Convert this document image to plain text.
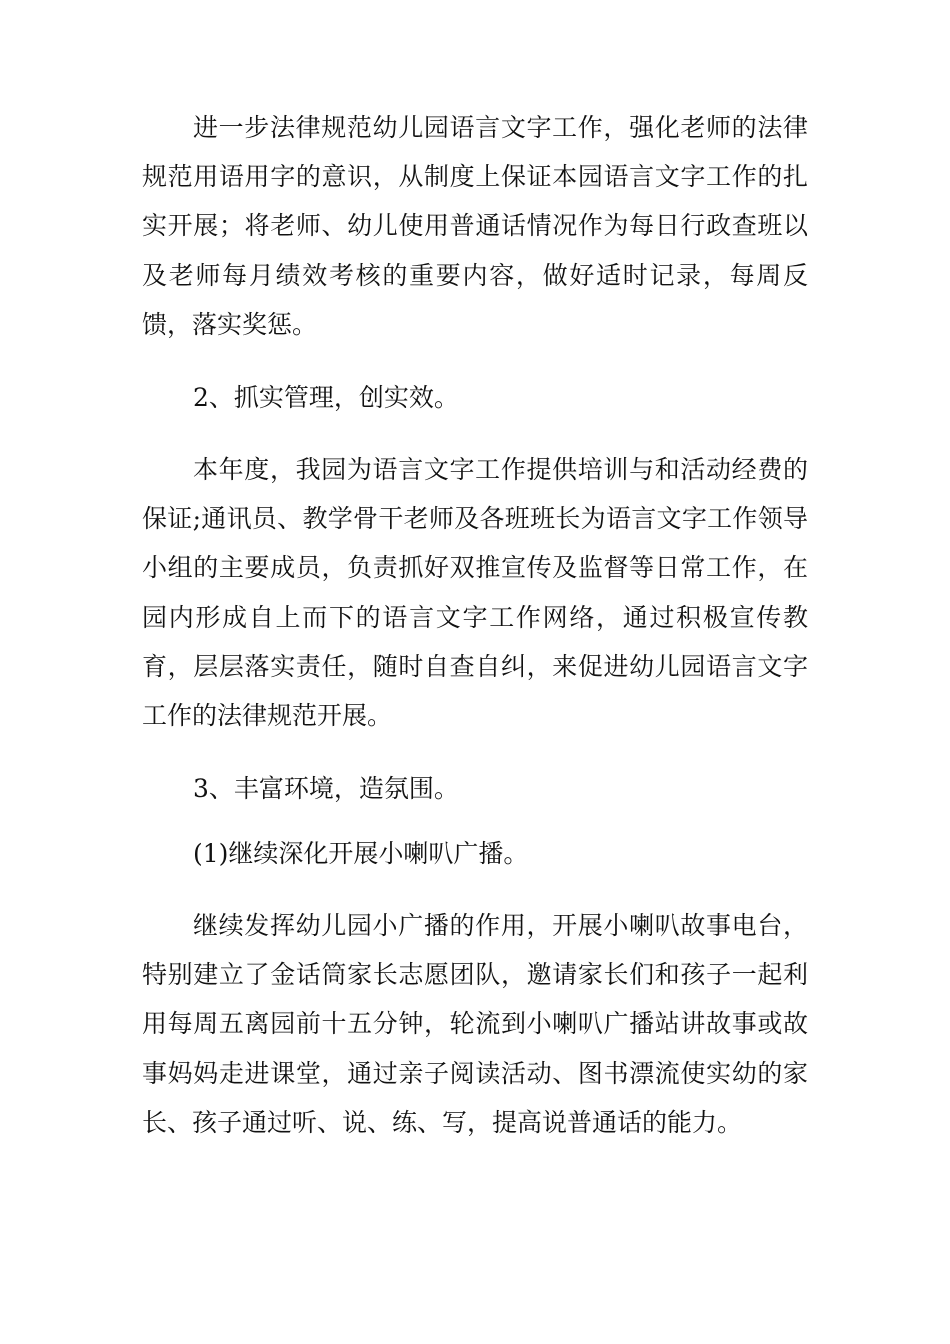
进一步法律规范幼儿园语言文字工作，强化老师的法律

规范用语用字的意识，从制度上保证本园语言文字工作的扎

实开展；将老师、幼儿使用普通话情况作为每日行政查班以

及老师每月绩效考核的重要内容，做好适时记录，每周反

馈，落实奖惩。

2、抓实管理，创实效。

本年度，我园为语言文字工作提供培训与和活动经费的

保证;通讯员、教学骨干老师及各班班长为语言文字工作领导

小组的主要成员，负责抓好双推宣传及监督等日常工作，在

园内形成自上而下的语言文字工作网络，通过积极宣传教

育，层层落实责任，随时自查自纠，来促进幼儿园语言文字

工作的法律规范开展。

3、丰富环境，造氛围。

(1)继续深化开展小喇叭广播。

继续发挥幼儿园小广播的作用，开展小喇叭故事电台，

特别建立了金话筒家长志愿团队，邀请家长们和孩子一起利

用每周五离园前十五分钟，轮流到小喇叭广播站讲故事或故

事妈妈走进课堂，通过亲子阅读活动、图书漂流使实幼的家

长、孩子通过听、说、练、写，提高说普通话的能力。
